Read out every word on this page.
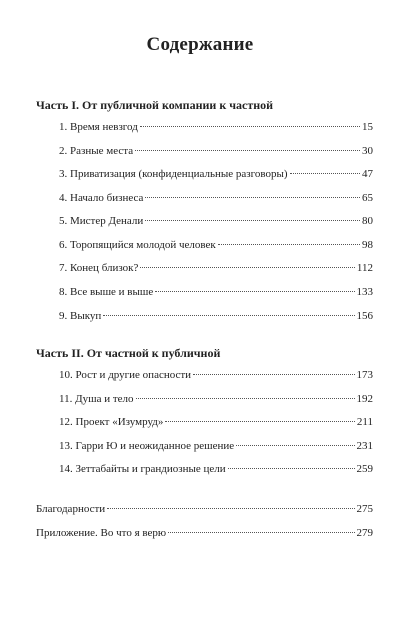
Содержание
Часть I. От публичной компании к частной
1. Время невзгод	15
2. Разные места	30
3. Приватизация (конфиденциальные разговоры)	47
4. Начало бизнеса	65
5. Мистер Денали	80
6. Торопящийся молодой человек	98
7. Конец близок?	112
8. Все выше и выше	133
9. Выкуп	156
Часть II. От частной к публичной
10. Рост и другие опасности	173
11. Душа и тело	192
12. Проект «Изумруд»	211
13. Гарри Ю и неожиданное решение	231
14. Зеттабайты и грандиозные цели	259
Благодарности	275
Приложение. Во что я верю	279
